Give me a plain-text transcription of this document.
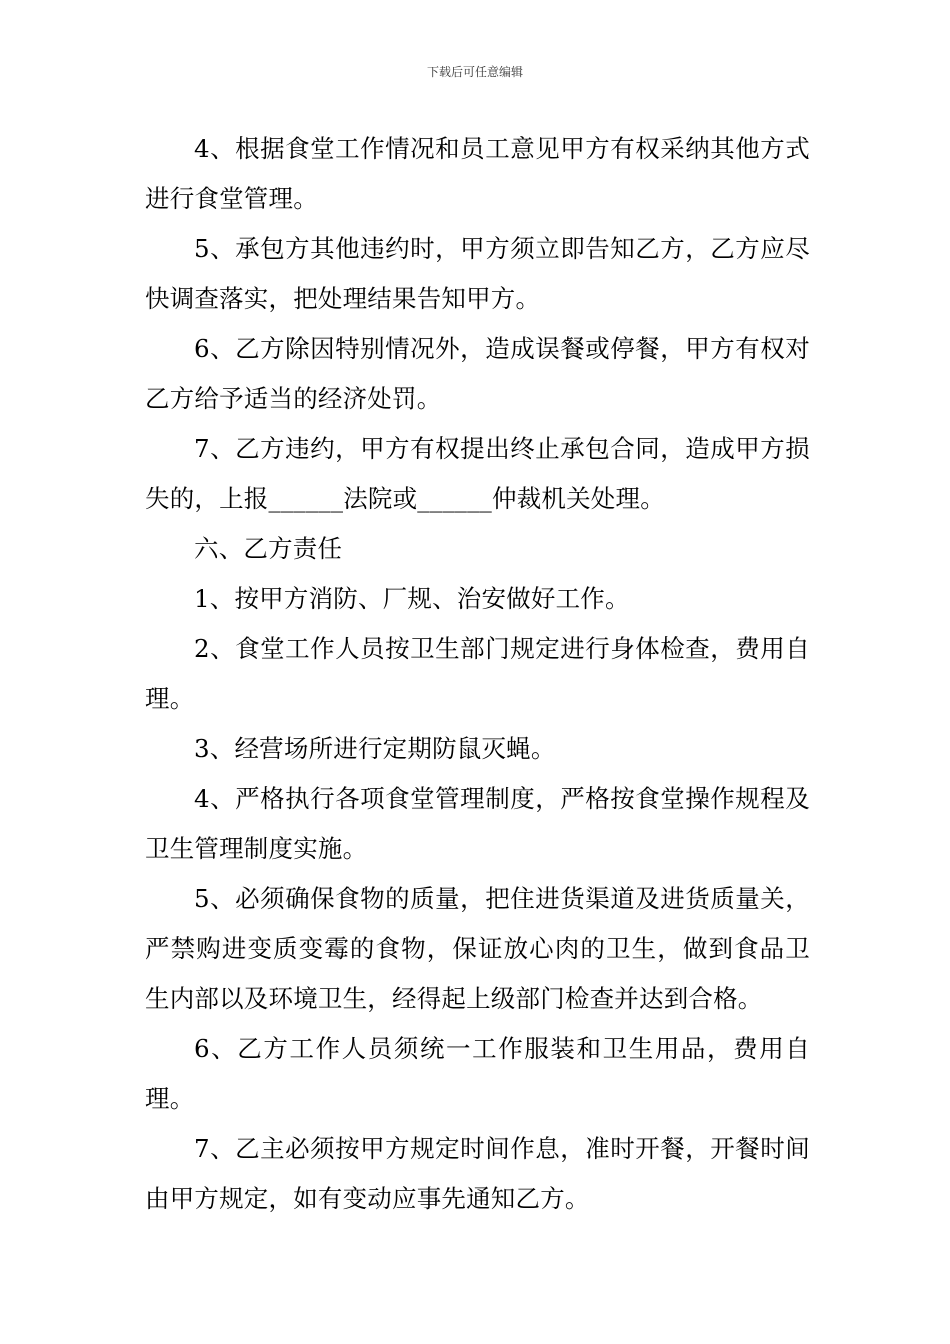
下载后可任意编辑

4、根据食堂工作情况和员工意见甲方有权采纳其他方式进行食堂管理。

5、承包方其他违约时，甲方须立即告知乙方，乙方应尽快调查落实，把处理结果告知甲方。

6、乙方除因特别情况外，造成误餐或停餐，甲方有权对乙方给予适当的经济处罚。

7、乙方违约，甲方有权提出终止承包合同，造成甲方损失的，上报______法院或______仲裁机关处理。

六、乙方责任

1、按甲方消防、厂规、治安做好工作。

2、食堂工作人员按卫生部门规定进行身体检查，费用自理。

3、经营场所进行定期防鼠灭蝇。

4、严格执行各项食堂管理制度，严格按食堂操作规程及卫生管理制度实施。

5、必须确保食物的质量，把住进货渠道及进货质量关，严禁购进变质变霉的食物，保证放心肉的卫生，做到食品卫生内部以及环境卫生，经得起上级部门检查并达到合格。

6、乙方工作人员须统一工作服装和卫生用品，费用自理。

7、乙主必须按甲方规定时间作息，准时开餐，开餐时间由甲方规定，如有变动应事先通知乙方。
